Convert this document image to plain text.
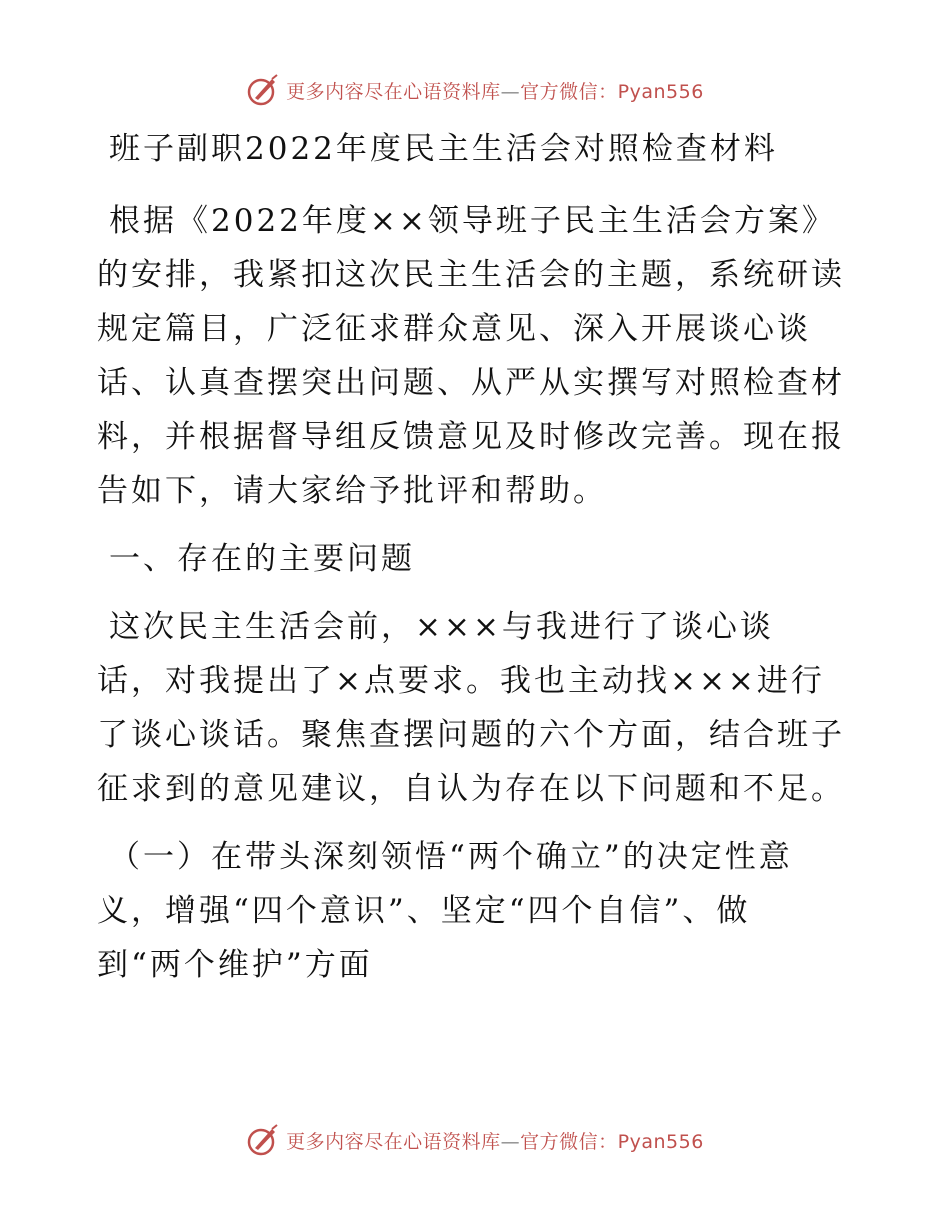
更多内容尽在心语资料库—官方微信：Pyan556
班子副职2022年度民主生活会对照检查材料
根据《2022年度××领导班子民主生活会方案》
的安排，我紧扣这次民主生活会的主题，系统研读
规定篇目，广泛征求群众意见、深入开展谈心谈
话、认真查摆突出问题、从严从实撰写对照检查材
料，并根据督导组反馈意见及时修改完善。现在报
告如下，请大家给予批评和帮助。
一、存在的主要问题
这次民主生活会前，×××与我进行了谈心谈
话，对我提出了×点要求。我也主动找×××进行
了谈心谈话。聚焦查摆问题的六个方面，结合班子
征求到的意见建议，自认为存在以下问题和不足。
（一）在带头深刻领悟“两个确立”的决定性意
义，增强“四个意识”、坚定“四个自信”、做
到“两个维护”方面
更多内容尽在心语资料库—官方微信：Pyan556
